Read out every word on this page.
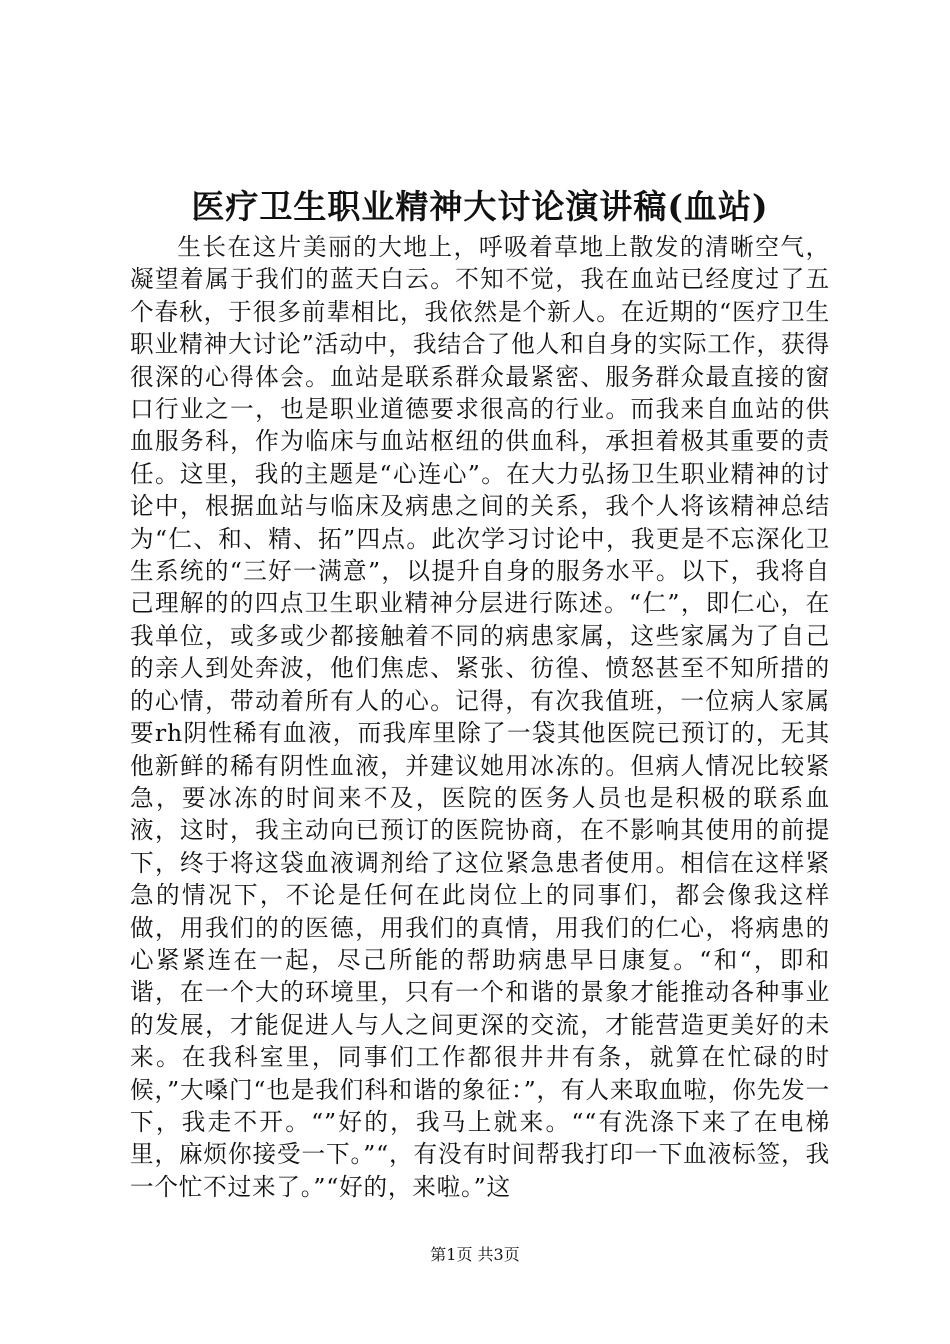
医疗卫生职业精神大讨论演讲稿(血站)

生长在这片美丽的大地上，呼吸着草地上散发的清晰空气，凝望着属于我们的蓝天白云。不知不觉，我在血站已经度过了五个春秋，于很多前辈相比，我依然是个新人。在近期的“医疗卫生职业精神大讨论”活动中，我结合了他人和自身的实际工作，获得很深的心得体会。血站是联系群众最紧密、服务群众最直接的窗口行业之一，也是职业道德要求很高的行业。而我来自血站的供血服务科，作为临床与血站枢纽的供血科，承担着极其重要的责任。这里，我的主题是“心连心”。在大力弘扬卫生职业精神的讨论中，根据血站与临床及病患之间的关系，我个人将该精神总结为“仁、和、精、拓”四点。此次学习讨论中，我更是不忘深化卫生系统的“三好一满意”，以提升自身的服务水平。以下，我将自己理解的的四点卫生职业精神分层进行陈述。“仁”，即仁心，在我单位，或多或少都接触着不同的病患家属，这些家属为了自己的亲人到处奔波，他们焦虑、紧张、彷徨、愤怒甚至不知所措的的心情，带动着所有人的心。记得，有次我值班，一位病人家属要rh阴性稀有血液，而我库里除了一袋其他医院已预订的，无其他新鲜的稀有阴性血液，并建议她用冰冻的。但病人情况比较紧急，要冰冻的时间来不及，医院的医务人员也是积极的联系血液，这时，我主动向已预订的医院协商，在不影响其使用的前提下，终于将这袋血液调剂给了这位紧急患者使用。相信在这样紧急的情况下，不论是任何在此岗位上的同事们，都会像我这样做，用我们的的医德，用我们的真情，用我们的仁心，将病患的心紧紧连在一起，尽己所能的帮助病患早日康复。“和“，即和谐，在一个大的环境里，只有一个和谐的景象才能推动各种事业的发展，才能促进人与人之间更深的交流，才能营造更美好的未来。在我科室里，同事们工作都很井井有条，就算在忙碌的时候，”大嗓门“也是我们科和谐的象征：”，有人来取血啦，你先发一下，我走不开。“”好的，我马上就来。““有洗涤下来了在电梯里，麻烦你接受一下。”“，有没有时间帮我打印一下血液标签，我一个忙不过来了。”“好的，来啦。”这

第1页 共3页
